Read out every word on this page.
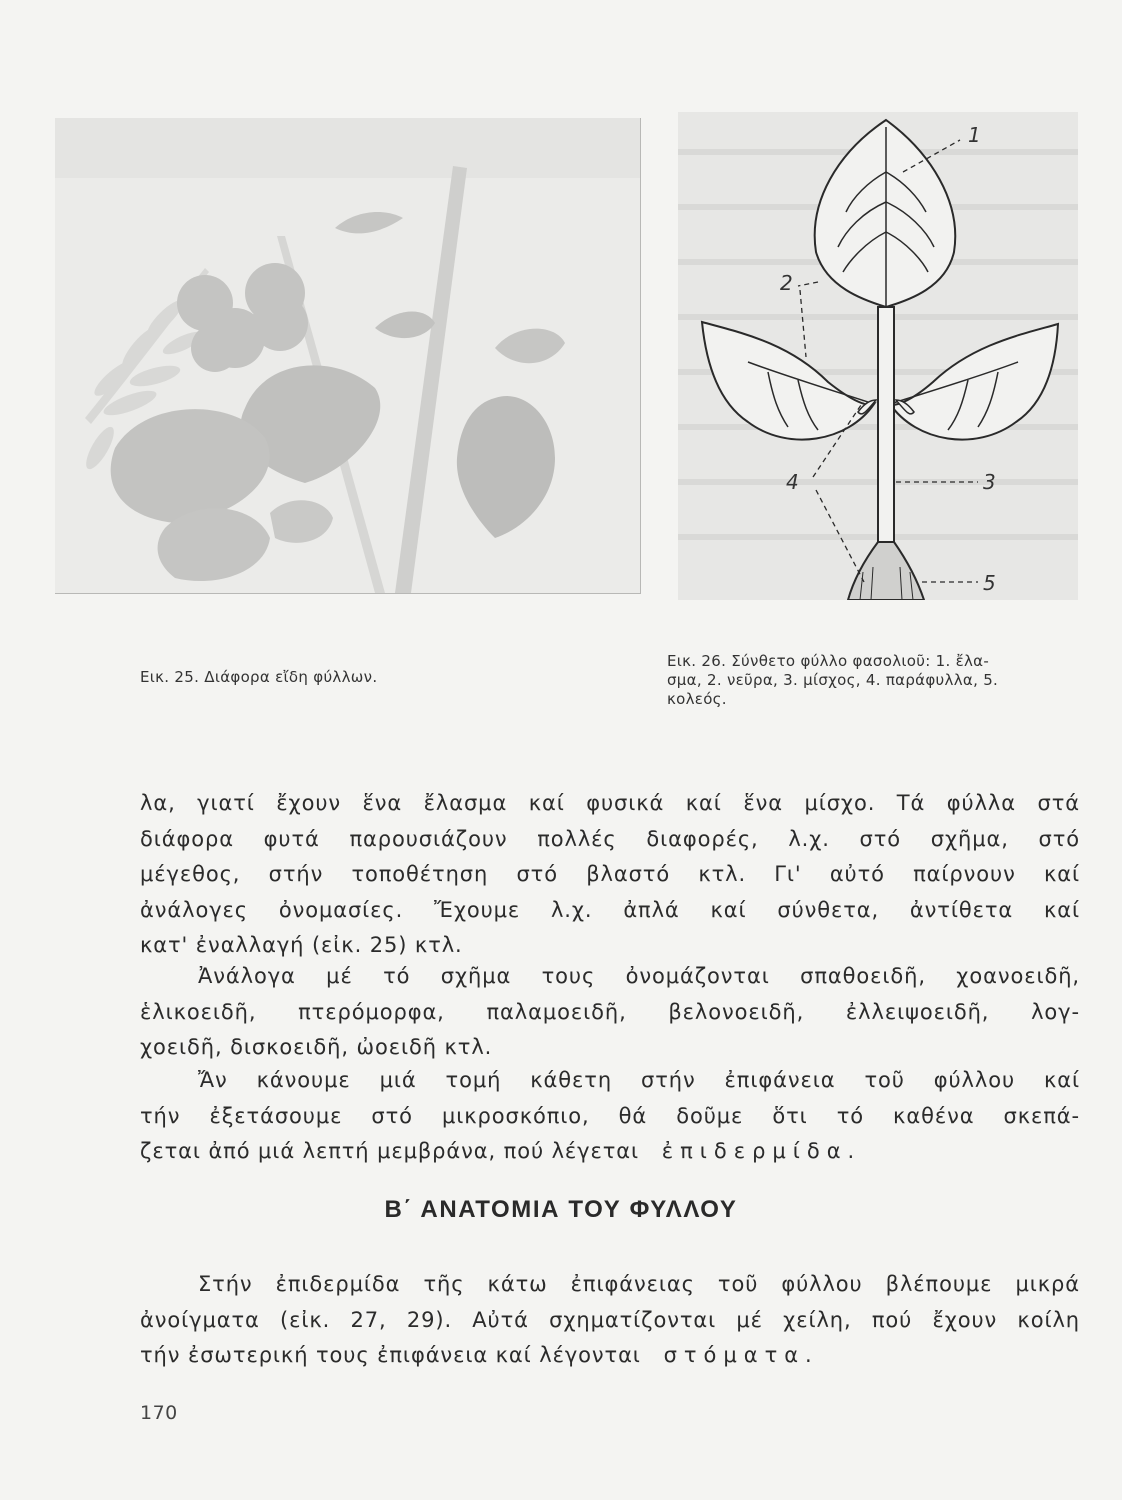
1
2
3
4
5
Εικ. 25. Διάφορα εἴδη φύλλων.
Εικ. 26. Σύνθετο φύλλο φασολιοῦ: 1. ἔλα-
σμα, 2. νεῦρα, 3. μίσχος, 4. παράφυλλα, 5.
κολεός.
λα, γιατί ἔχουν ἕνα ἔλασμα καί φυσικά καί ἕνα μίσχο. Τά φύλλα στά
διάφορα φυτά παρουσιάζουν πολλές διαφορές, λ.χ. στό σχῆμα, στό
μέγεθος, στήν τοποθέτηση στό βλαστό κτλ. Γι' αὐτό παίρνουν καί
ἀνάλογες ὀνομασίες. Ἔχουμε λ.χ. ἀπλά καί σύνθετα, ἀντίθετα καί
κατ' ἐναλλαγή (εἰκ. 25) κτλ.
Ἀνάλογα μέ τό σχῆμα τους ὀνομάζονται σπαθοειδῆ, χοανοειδῆ,
ἑλικοειδῆ, πτερόμορφα, παλαμοειδῆ, βελονοειδῆ, ἐλλειψοειδῆ, λογ-
χοειδῆ, δισκοειδῆ, ὠοειδῆ κτλ.
Ἄν κάνουμε μιά τομή κάθετη στήν ἐπιφάνεια τοῦ φύλλου καί
τήν ἐξετάσουμε στό μικροσκόπιο, θά δοῦμε ὅτι τό καθένα σκεπά-
ζεται ἀπό μιά λεπτή μεμβράνα, πού λέγεται ἐπιδερμίδα.
Β΄ ΑΝΑΤΟΜΙΑ ΤΟΥ ΦΥΛΛΟΥ
Στήν ἐπιδερμίδα τῆς κάτω ἐπιφάνειας τοῦ φύλλου βλέπουμε μικρά
ἀνοίγματα (εἰκ. 27, 29). Αὐτά σχηματίζονται μέ χείλη, πού ἔχουν κοίλη
τήν ἐσωτερική τους ἐπιφάνεια καί λέγονται στόματα.
170
